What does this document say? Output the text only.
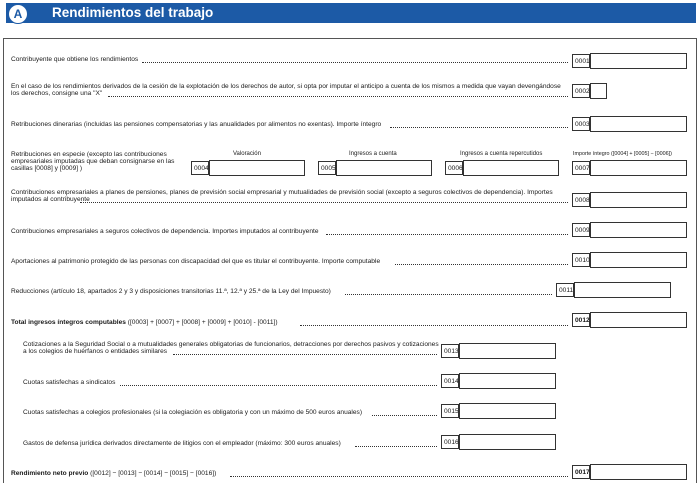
A	Rendimientos del trabajo
Contribuyente que obtiene los rendimientos	0001
En el caso de los rendimientos derivados de la cesión de la explotación de los derechos de autor, si opta por imputar el anticipo a cuenta de los mismos a medida que vayan devengándose
los derechos, consigne una "X"	0002
Retribuciones dinerarias (incluidas las pensiones compensatorias y las anualidades por alimentos no exentas). Importe íntegro	0003
Retribuciones en especie (excepto las contribuciones
empresariales imputadas que deban consignarse en las
casillas [0008] y [0009] )
Valoración	Ingresos a cuenta	Ingresos a cuenta repercutidos	Importe íntegro ([0004] + [0005] − [0006])
0004	0005	0006	0007
Contribuciones empresariales a planes de pensiones, planes de previsión social empresarial y mutualidades de previsión social (excepto a seguros colectivos de dependencia). Importes
imputados al contribuyente	0008
Contribuciones empresariales a seguros colectivos de dependencia. Importes imputados al contribuyente	0009
Aportaciones al patrimonio protegido de las personas con discapacidad del que es titular el contribuyente. Importe computable	0010
Reducciones (artículo 18, apartados 2 y 3 y disposiciones transitorias 11.ª, 12.ª y 25.ª de la Ley del Impuesto)	0011
Total ingresos íntegros computables ([0003] + [0007] + [0008] + [0009] + [0010] - [0011])	0012
Cotizaciones a la Seguridad Social o a mutualidades generales obligatorias de funcionarios, detracciones por derechos pasivos y cotizaciones
a los colegios de huérfanos o entidades similares	0013
Cuotas satisfechas a sindicatos	0014
Cuotas satisfechas a colegios profesionales (si la colegiación es obligatoria y con un máximo de 500 euros anuales)	0015
Gastos de defensa jurídica derivados directamente de litigios con el empleador (máximo: 300 euros anuales)	0016
Rendimiento neto previo ([0012] − [0013] − [0014] − [0015] − [0016])	0017
